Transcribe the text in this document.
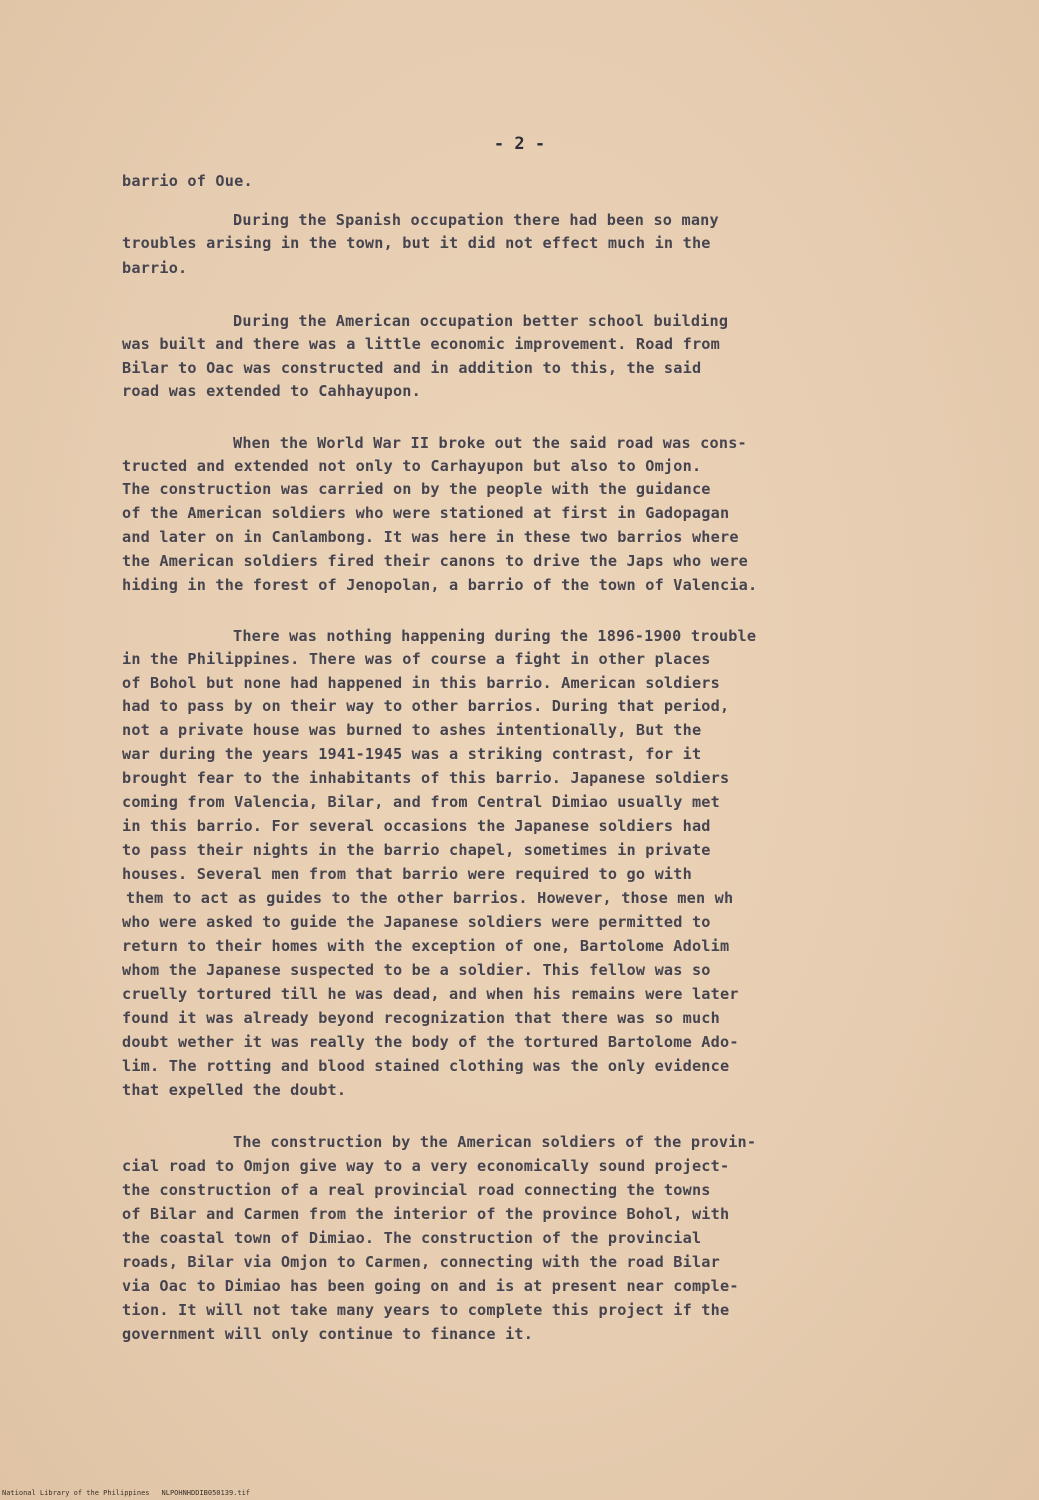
- 2 -
barrio of Oue.
During the Spanish occupation there had been so many
troubles arising in the town, but it did not effect much in the
barrio.
During the American occupation better school building
was built and there was a little economic improvement. Road from
Bilar to Oac was constructed and in addition to this, the said
road was extended to Cahhayupon.
When the World War II broke out the said road was cons-
tructed and extended not only to Carhayupon but also to Omjon.
The construction was carried on by the people with the guidance
of the American soldiers who were stationed at first in Gadopagan
and later on in Canlambong. It was here in these two barrios where
the American soldiers fired their canons to drive the Japs who were
hiding in the forest of Jenopolan, a barrio of the town of Valencia.
There was nothing happening during the 1896-1900 trouble
in the Philippines. There was of course a fight in other places
of Bohol but none had happened in this barrio. American soldiers
had to pass by on their way to other barrios. During that period,
not a private house was burned to ashes intentionally, But the
war during the years 1941-1945 was a striking contrast, for it
brought fear to the inhabitants of this barrio. Japanese soldiers
coming from Valencia, Bilar, and from Central Dimiao usually met
in this barrio. For several occasions the Japanese soldiers had
to pass their nights in the barrio chapel, sometimes in private
houses. Several men from that barrio were required to go with
them to act as guides to the other barrios. However, those men wh
who were asked to guide the Japanese soldiers were permitted to
return to their homes with the exception of one, Bartolome Adolim
whom the Japanese suspected to be a soldier. This fellow was so
cruelly tortured till he was dead, and when his remains were later
found it was already beyond recognization that there was so much
doubt wether it was really the body of the tortured Bartolome Ado-
lim. The rotting and blood stained clothing was the only evidence
that expelled the doubt.
The construction by the American soldiers of the provin-
cial road to Omjon give way to a very economically sound project-
the construction of a real provincial road connecting the towns
of Bilar and Carmen from the interior of the province Bohol, with
the coastal town of Dimiao. The construction of the provincial
roads, Bilar via Omjon to Carmen, connecting with the road Bilar
via Oac to Dimiao has been going on and is at present near comple-
tion. It will not take many years to complete this project if the
government will only continue to finance it.
National Library of the Philippines NLPOHNHDDIB050139.tif
